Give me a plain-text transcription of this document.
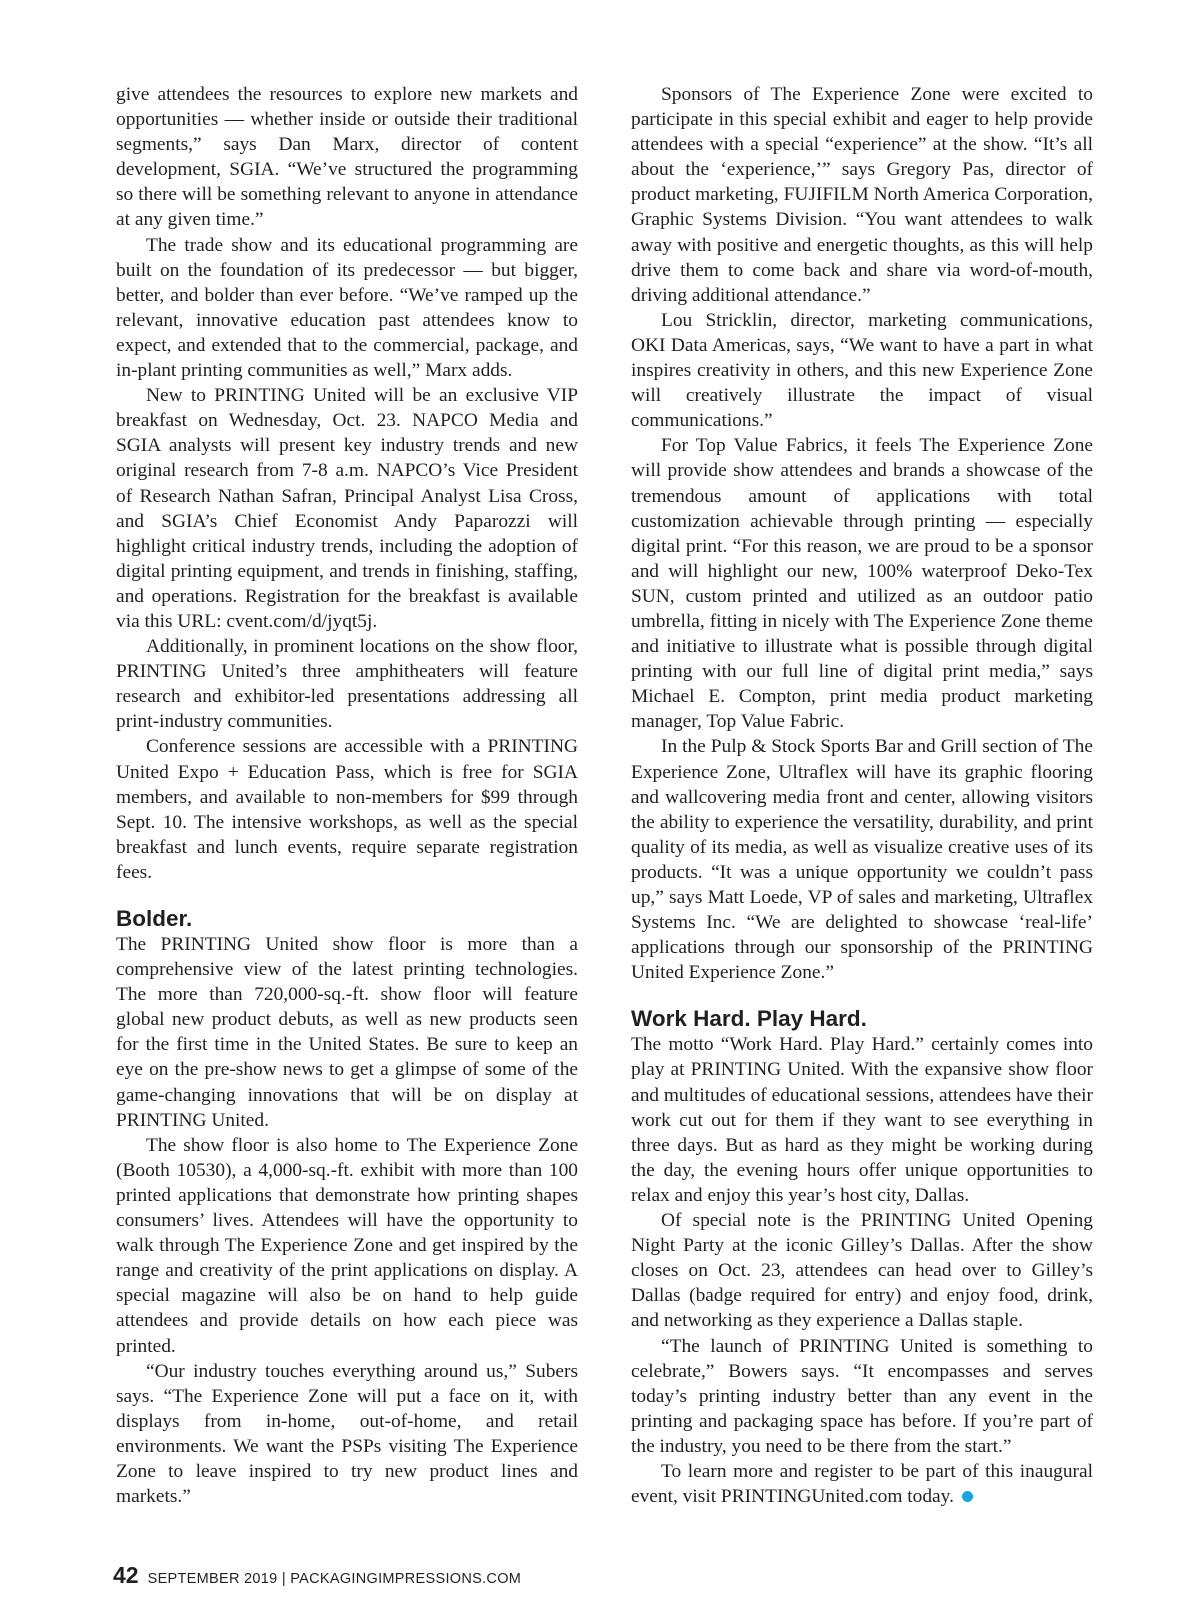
give attendees the resources to explore new markets and opportunities — whether inside or outside their traditional segments,” says Dan Marx, director of content development, SGIA. “We’ve structured the programming so there will be something relevant to anyone in attendance at any given time.”

The trade show and its educational programming are built on the foundation of its predecessor — but bigger, better, and bolder than ever before. “We’ve ramped up the relevant, innovative education past attendees know to expect, and extended that to the commercial, package, and in-plant printing communities as well,” Marx adds.

New to PRINTING United will be an exclusive VIP breakfast on Wednesday, Oct. 23. NAPCO Media and SGIA analysts will present key industry trends and new original research from 7-8 a.m. NAPCO’s Vice President of Research Nathan Safran, Principal Analyst Lisa Cross, and SGIA’s Chief Economist Andy Paparozzi will highlight critical industry trends, including the adoption of digital printing equipment, and trends in finishing, staffing, and operations. Registration for the breakfast is available via this URL: cvent.com/d/jyqt5j.

Additionally, in prominent locations on the show floor, PRINTING United’s three amphitheaters will feature research and exhibitor-led presentations addressing all print-industry communities.

Conference sessions are accessible with a PRINTING United Expo + Education Pass, which is free for SGIA members, and available to non-members for $99 through Sept. 10. The intensive workshops, as well as the special breakfast and lunch events, require separate registration fees.

Bolder.

The PRINTING United show floor is more than a comprehensive view of the latest printing technologies. The more than 720,000-sq.-ft. show floor will feature global new product debuts, as well as new products seen for the first time in the United States. Be sure to keep an eye on the pre-show news to get a glimpse of some of the game-changing innovations that will be on display at PRINTING United.

The show floor is also home to The Experience Zone (Booth 10530), a 4,000-sq.-ft. exhibit with more than 100 printed applications that demonstrate how printing shapes consumers’ lives. Attendees will have the opportunity to walk through The Experience Zone and get inspired by the range and creativity of the print applications on display. A special magazine will also be on hand to help guide attendees and provide details on how each piece was printed.

“Our industry touches everything around us,” Subers says. “The Experience Zone will put a face on it, with displays from in-home, out-of-home, and retail environments. We want the PSPs visiting The Experience Zone to leave inspired to try new product lines and markets.”

Sponsors of The Experience Zone were excited to participate in this special exhibit and eager to help provide attendees with a special “experience” at the show. “It’s all about the ‘experience,’” says Gregory Pas, director of product marketing, FUJIFILM North America Corporation, Graphic Systems Division. “You want attendees to walk away with positive and energetic thoughts, as this will help drive them to come back and share via word-of-mouth, driving additional attendance.”

Lou Stricklin, director, marketing communications, OKI Data Americas, says, “We want to have a part in what inspires creativity in others, and this new Experience Zone will creatively illustrate the impact of visual communications.”

For Top Value Fabrics, it feels The Experience Zone will provide show attendees and brands a showcase of the tremendous amount of applications with total customization achievable through printing — especially digital print. “For this reason, we are proud to be a sponsor and will highlight our new, 100% waterproof Deko-Tex SUN, custom printed and utilized as an outdoor patio umbrella, fitting in nicely with The Experience Zone theme and initiative to illustrate what is possible through digital printing with our full line of digital print media,” says Michael E. Compton, print media product marketing manager, Top Value Fabric.

In the Pulp & Stock Sports Bar and Grill section of The Experience Zone, Ultraflex will have its graphic flooring and wallcovering media front and center, allowing visitors the ability to experience the versatility, durability, and print quality of its media, as well as visualize creative uses of its products. “It was a unique opportunity we couldn’t pass up,” says Matt Loede, VP of sales and marketing, Ultraflex Systems Inc. “We are delighted to showcase ‘real-life’ applications through our sponsorship of the PRINTING United Experience Zone.”

Work Hard. Play Hard.

The motto “Work Hard. Play Hard.” certainly comes into play at PRINTING United. With the expansive show floor and multitudes of educational sessions, attendees have their work cut out for them if they want to see everything in three days. But as hard as they might be working during the day, the evening hours offer unique opportunities to relax and enjoy this year’s host city, Dallas.

Of special note is the PRINTING United Opening Night Party at the iconic Gilley’s Dallas. After the show closes on Oct. 23, attendees can head over to Gilley’s Dallas (badge required for entry) and enjoy food, drink, and networking as they experience a Dallas staple.

“The launch of PRINTING United is something to celebrate,” Bowers says. “It encompasses and serves today’s printing industry better than any event in the printing and packaging space has before. If you’re part of the industry, you need to be there from the start.”

To learn more and register to be part of this inaugural event, visit PRINTINGUnited.com today.

42 SEPTEMBER 2019 | PACKAGINGIMPRESSIONS.COM
